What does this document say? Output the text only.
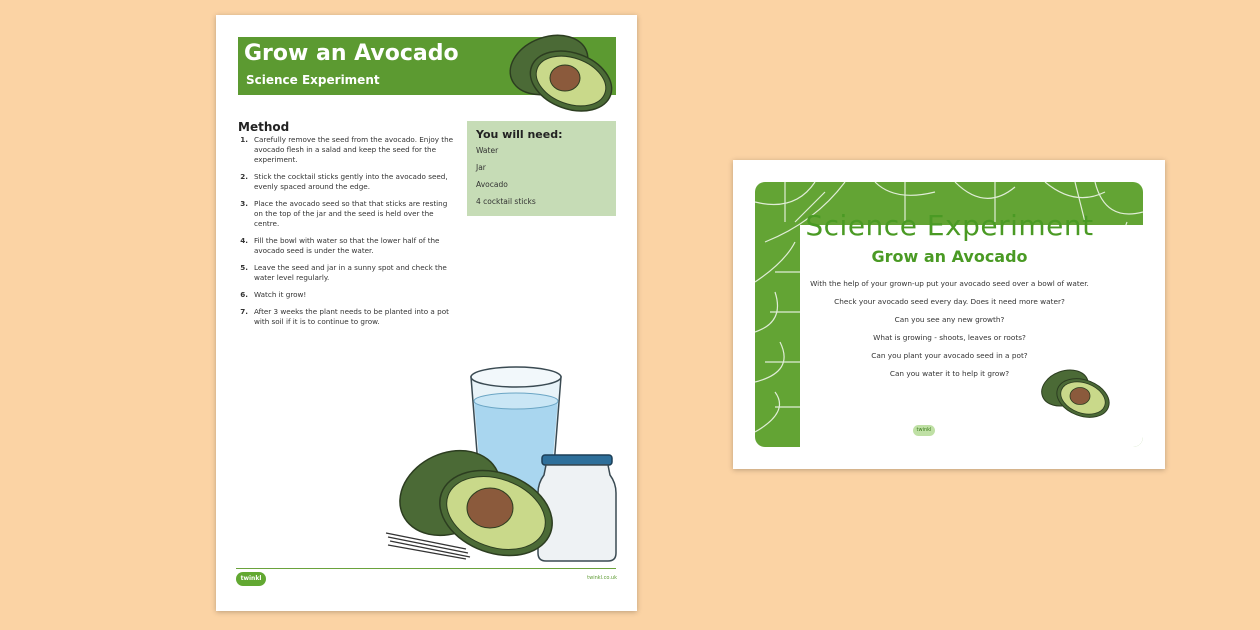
Grow an Avocado
Science Experiment
Method
1. Carefully remove the seed from the avocado. Enjoy the avocado flesh in a salad and keep the seed for the experiment.
2. Stick the cocktail sticks gently into the avocado seed, evenly spaced around the edge.
3. Place the avocado seed so that that sticks are resting on the top of the jar and the seed is held over the centre.
4. Fill the bowl with water so that the lower half of the avocado seed is under the water.
5. Leave the seed and jar in a sunny spot and check the water level regularly.
6. Watch it grow!
7. After 3 weeks the plant needs to be planted into a pot with soil if it is to continue to grow.
You will need:
Water
Jar
Avocado
4 cocktail sticks
twinkl	twinkl.co.uk
Science Experiment
Grow an Avocado
With the help of your grown-up put your avocado seed over a bowl of water.
Check your avocado seed every day. Does it need more water?
Can you see any new growth?
What is growing - shoots, leaves or roots?
Can you plant your avocado seed in a pot?
Can you water it to help it grow?
twinkl
